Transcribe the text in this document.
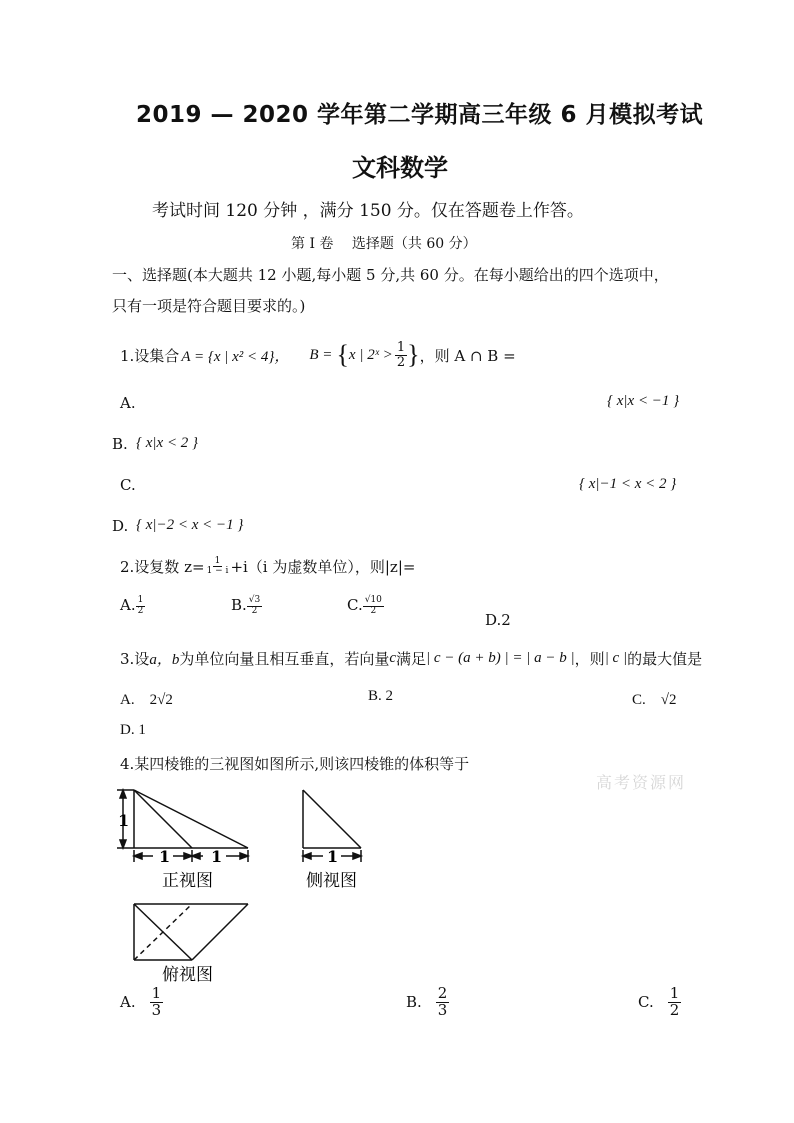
2019 — 2020 学年第二学期高三年级 6 月模拟考试
文科数学
考试时间 120 分钟 ，满分 150 分。仅在答题卷上作答。
第 I 卷　 选择题（共 60 分）
一、选择题(本大题共 12 小题,每小题 5 分,共 60 分。在每小题给出的四个选项中，
只有一项是符合题目要求的。)
1.设集合 A = {x | x² < 4}， B = { x | 2ˣ > $\frac{1}{2}$ } ，则 A ∩ B =
A.	{ x|x < −1 }
B. { x|x < 2 }
C.	{ x|−1 < x < 2 }
D. { x|−2 < x < −1 }
2.设复数 $z= \frac{1}{1 - i} +i(i$ 为虚数单位），则|z|=
A. $\frac{1}{2}$	B. $\frac{√3}{2}$	C. $\frac{√10}{2}$
D.2
3.设 a，b 为单位向量且相互垂直，若向量 c 满足 | c − (a + b) | = | a − b | ，则 | c | 的最大值是
A.　2√2	B. 2	C.　√2
D. 1
4.某四棱锥的三视图如图所示,则该四棱锥的体积等于
高考资源网
1
1	1	1
正视图	侧视图
俯视图
A. $\frac{1}{3}$	B. $\frac{2}{3}$	C. $\frac{1}{2}$
